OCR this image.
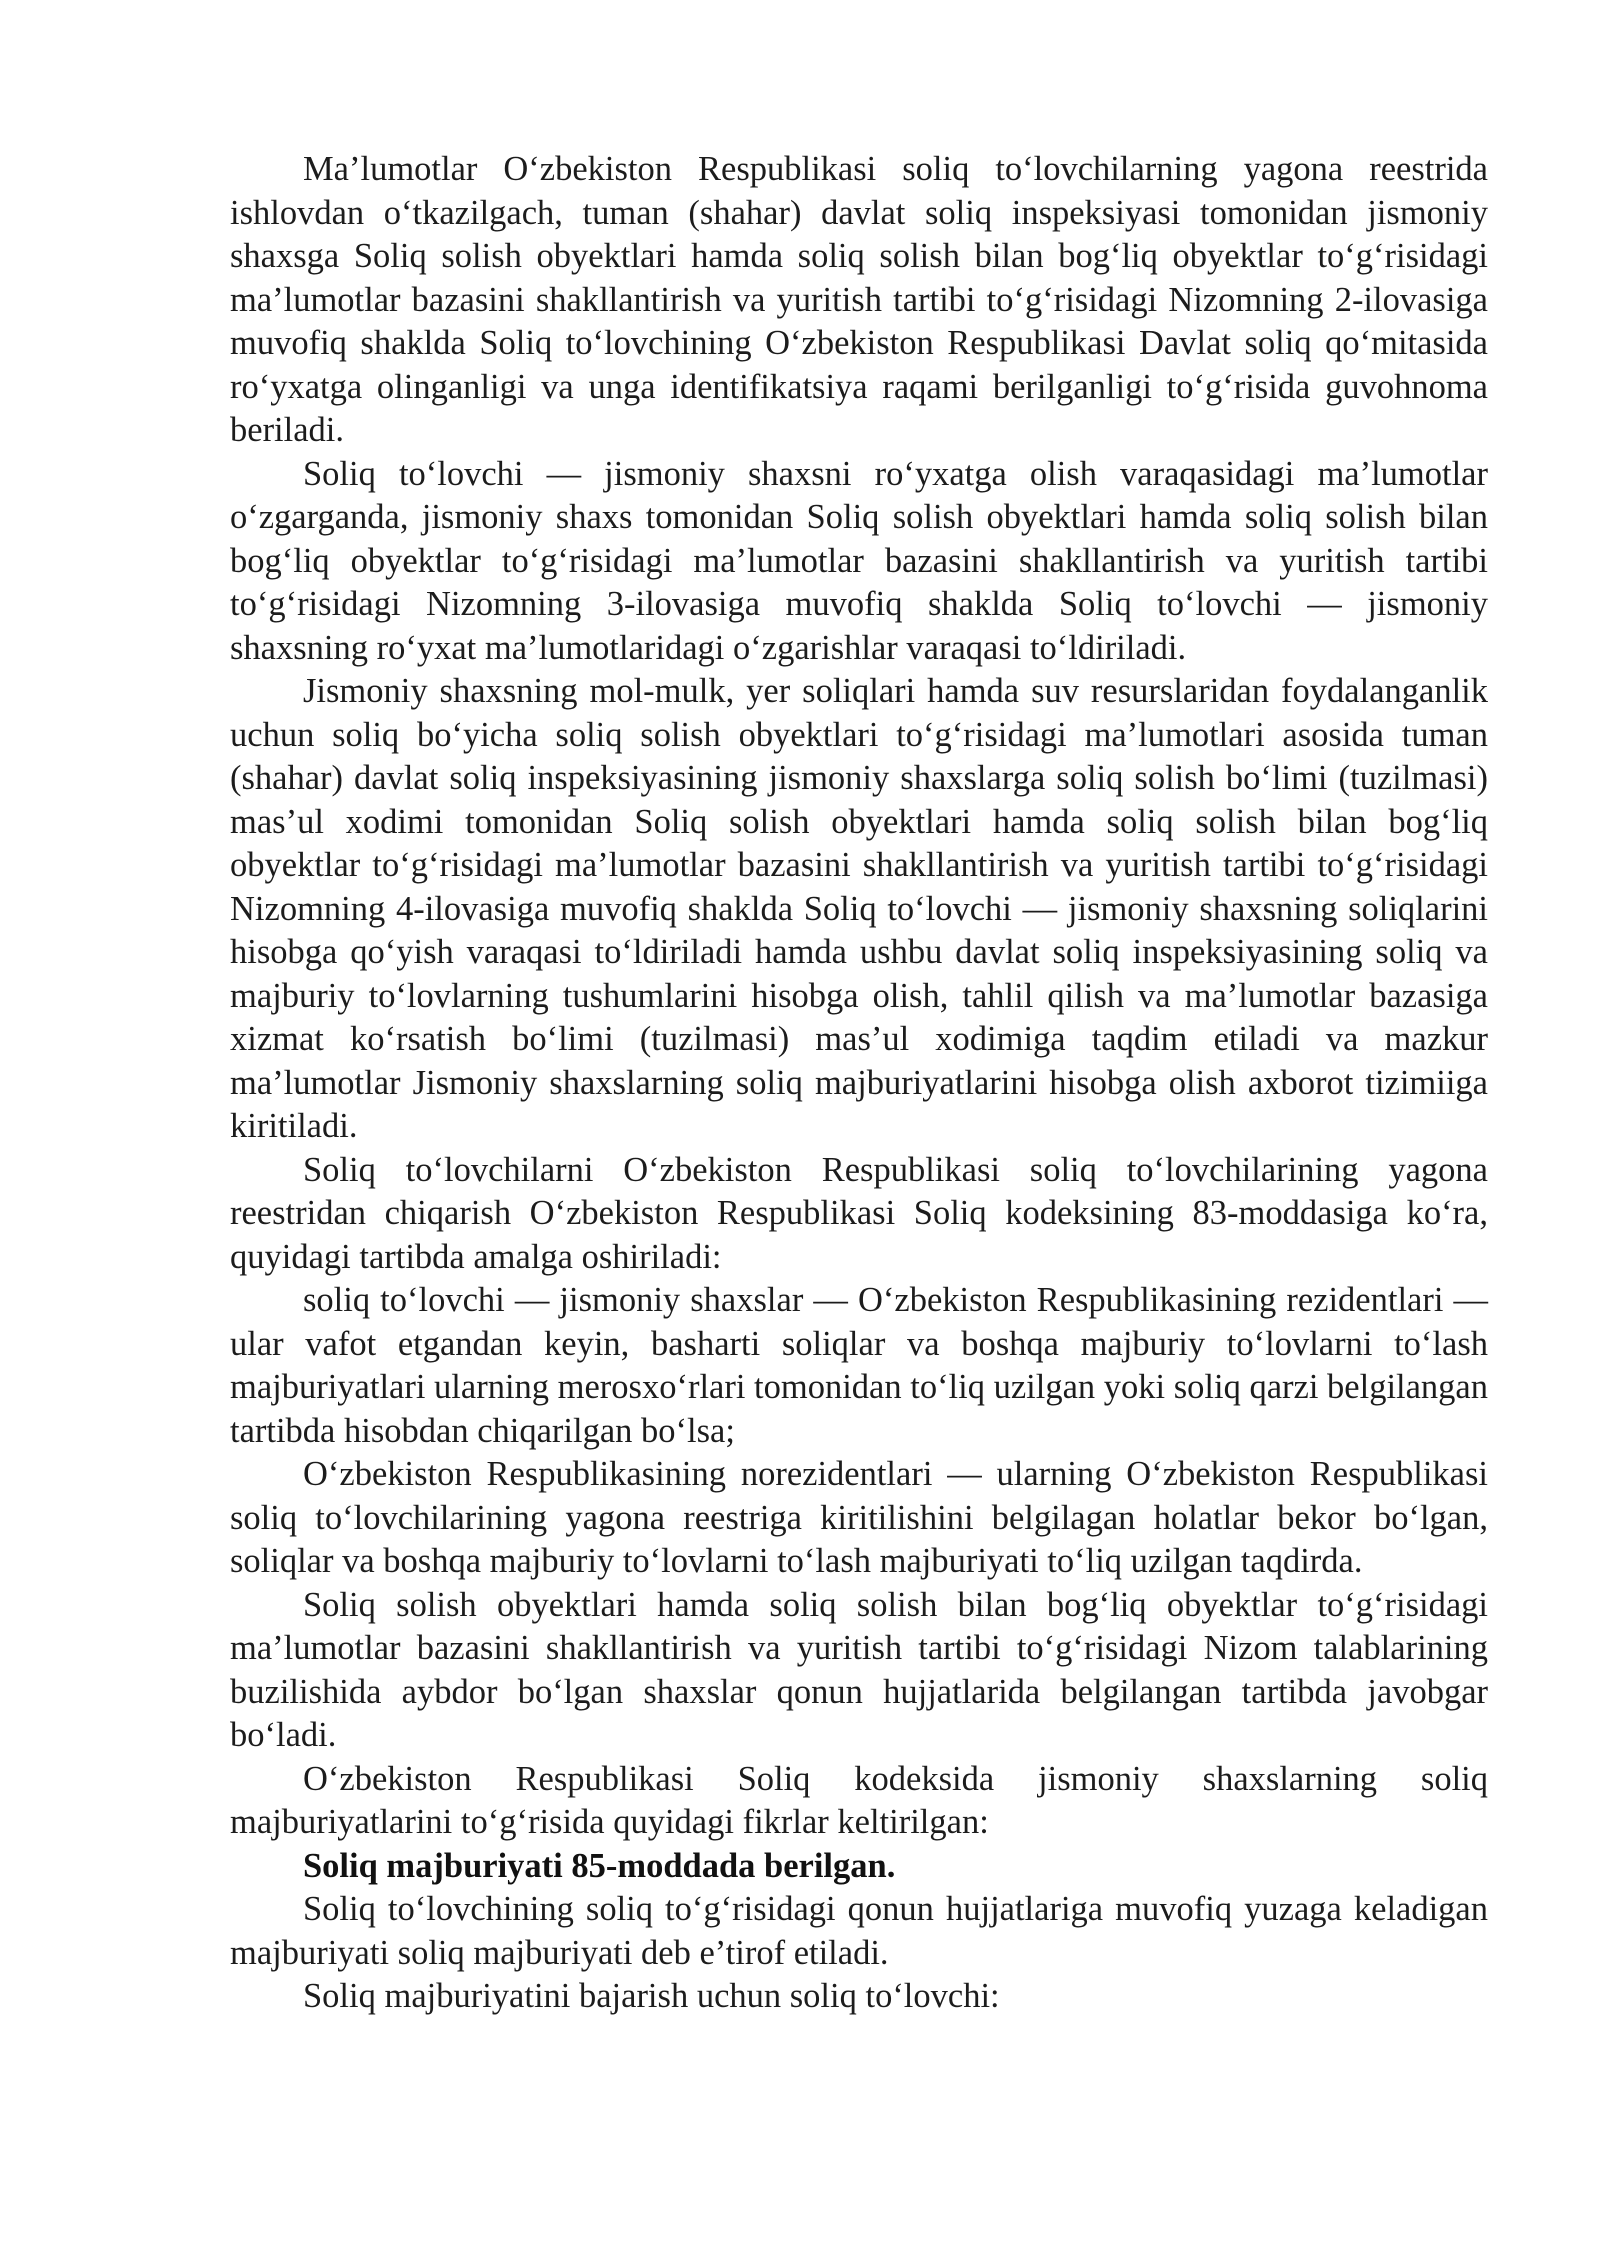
Ma’lumotlar O‘zbekiston Respublikasi soliq to‘lovchilarning yagona reestrida ishlovdan o‘tkazilgach, tuman (shahar) davlat soliq inspeksiyasi tomonidan jismoniy shaxsga Soliq solish obyektlari hamda soliq solish bilan bog‘liq obyektlar to‘g‘risidagi ma’lumotlar bazasini shakllantirish va yuritish tartibi to‘g‘risidagi Nizomning 2-ilovasiga muvofiq shaklda Soliq to‘lovchining O‘zbekiston Respublikasi Davlat soliq qo‘mitasida ro‘yxatga olinganligi va unga identifikatsiya raqami berilganligi to‘g‘risida guvohnoma beriladi.

Soliq to‘lovchi — jismoniy shaxsni ro‘yxatga olish varaqasidagi ma’lumotlar o‘zgarganda, jismoniy shaxs tomonidan Soliq solish obyektlari hamda soliq solish bilan bog‘liq obyektlar to‘g‘risidagi ma’lumotlar bazasini shakllantirish va yuritish tartibi to‘g‘risidagi Nizomning 3-ilovasiga muvofiq shaklda Soliq to‘lovchi — jismoniy shaxsning ro‘yxat ma’lumotlaridagi o‘zgarishlar varaqasi to‘ldiriladi.

Jismoniy shaxsning mol-mulk, yer soliqlari hamda suv resurslaridan foydalanganlik uchun soliq bo‘yicha soliq solish obyektlari to‘g‘risidagi ma’lumotlari asosida tuman (shahar) davlat soliq inspeksiyasining jismoniy shaxslarga soliq solish bo‘limi (tuzilmasi) mas’ul xodimi tomonidan Soliq solish obyektlari hamda soliq solish bilan bog‘liq obyektlar to‘g‘risidagi ma’lumotlar bazasini shakllantirish va yuritish tartibi to‘g‘risidagi Nizomning 4-ilovasiga muvofiq shaklda Soliq to‘lovchi — jismoniy shaxsning soliqlarini hisobga qo‘yish varaqasi to‘ldiriladi hamda ushbu davlat soliq inspeksiyasining soliq va majburiy to‘lovlarning tushumlarini hisobga olish, tahlil qilish va ma’lumotlar bazasiga xizmat ko‘rsatish bo‘limi (tuzilmasi) mas’ul xodimiga taqdim etiladi va mazkur ma’lumotlar Jismoniy shaxslarning soliq majburiyatlarini hisobga olish axborot tizimiiga kiritiladi.

Soliq to‘lovchilarni O‘zbekiston Respublikasi soliq to‘lovchilarining yagona reestridan chiqarish O‘zbekiston Respublikasi Soliq kodeksining 83-moddasiga ko‘ra, quyidagi tartibda amalga oshiriladi:

soliq to‘lovchi — jismoniy shaxslar — O‘zbekiston Respublikasining rezidentlari — ular vafot etgandan keyin, basharti soliqlar va boshqa majburiy to‘lovlarni to‘lash majburiyatlari ularning merosxo‘rlari tomonidan to‘liq uzilgan yoki soliq qarzi belgilangan tartibda hisobdan chiqarilgan bo‘lsa;

O‘zbekiston Respublikasining norezidentlari — ularning O‘zbekiston Respublikasi soliq to‘lovchilarining yagona reestriga kiritilishini belgilagan holatlar bekor bo‘lgan, soliqlar va boshqa majburiy to‘lovlarni to‘lash majburiyati to‘liq uzilgan taqdirda.

Soliq solish obyektlari hamda soliq solish bilan bog‘liq obyektlar to‘g‘risidagi ma’lumotlar bazasini shakllantirish va yuritish tartibi to‘g‘risidagi Nizom talablarining buzilishida aybdor bo‘lgan shaxslar qonun hujjatlarida belgilangan tartibda javobgar bo‘ladi.

O‘zbekiston Respublikasi Soliq kodeksida jismoniy shaxslarning soliq majburiyatlarini to‘g‘risida quyidagi fikrlar keltirilgan:

Soliq majburiyati 85-moddada berilgan.

Soliq to‘lovchining soliq to‘g‘risidagi qonun hujjatlariga muvofiq yuzaga keladigan majburiyati soliq majburiyati deb e’tirof etiladi.

Soliq majburiyatini bajarish uchun soliq to‘lovchi:
